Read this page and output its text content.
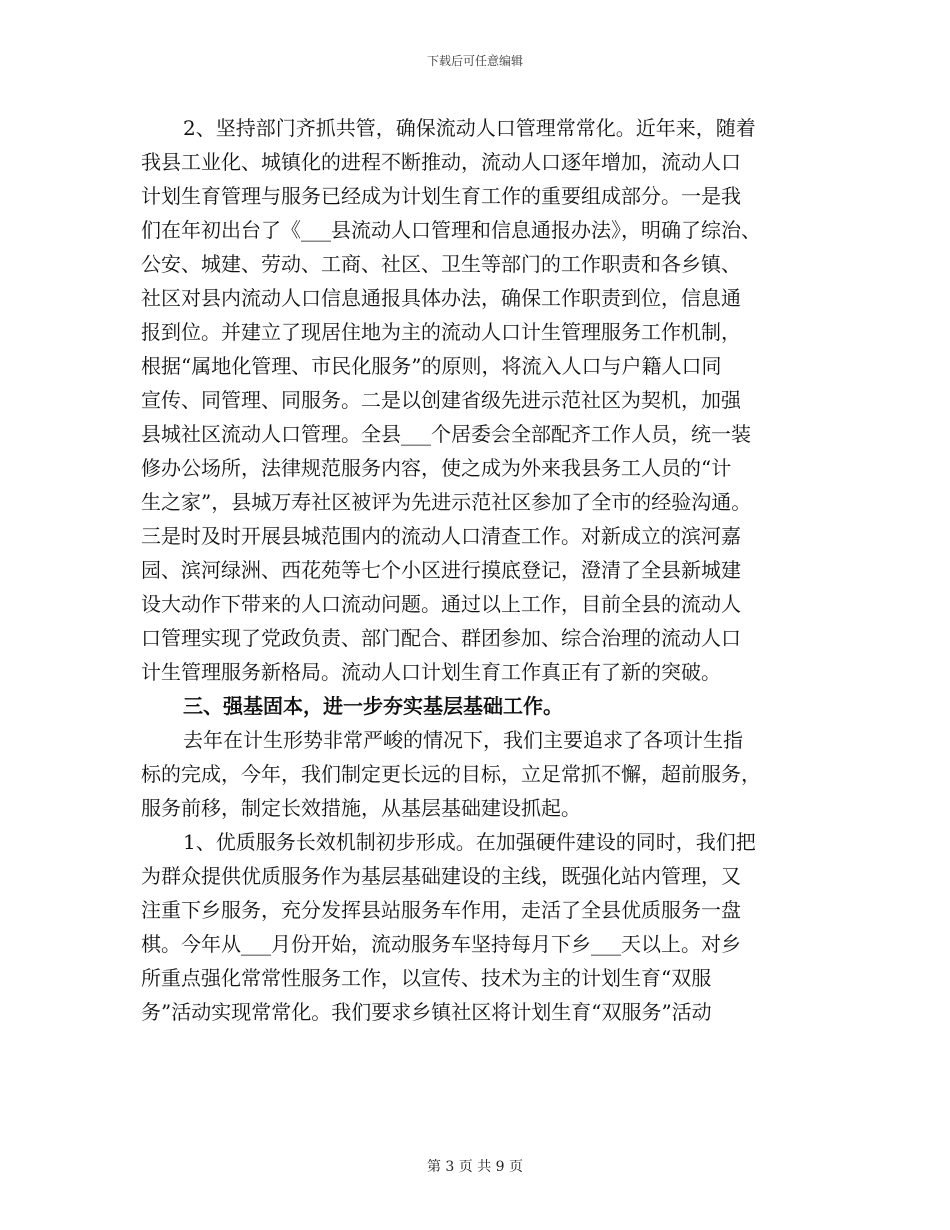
下载后可任意编辑
2、坚持部门齐抓共管，确保流动人口管理常常化。近年来，随着
我县工业化、城镇化的进程不断推动，流动人口逐年增加，流动人口
计划生育管理与服务已经成为计划生育工作的重要组成部分。一是我
们在年初出台了《___县流动人口管理和信息通报办法》，明确了综治、
公安、城建、劳动、工商、社区、卫生等部门的工作职责和各乡镇、
社区对县内流动人口信息通报具体办法，确保工作职责到位，信息通
报到位。并建立了现居住地为主的流动人口计生管理服务工作机制，
根据“属地化管理、市民化服务”的原则，将流入人口与户籍人口同
宣传、同管理、同服务。二是以创建省级先进示范社区为契机，加强
县城社区流动人口管理。全县___个居委会全部配齐工作人员，统一装
修办公场所，法律规范服务内容，使之成为外来我县务工人员的“计
生之家”，县城万寿社区被评为先进示范社区参加了全市的经验沟通。
三是时及时开展县城范围内的流动人口清查工作。对新成立的滨河嘉
园、滨河绿洲、西花苑等七个小区进行摸底登记，澄清了全县新城建
设大动作下带来的人口流动问题。通过以上工作，目前全县的流动人
口管理实现了党政负责、部门配合、群团参加、综合治理的流动人口
计生管理服务新格局。流动人口计划生育工作真正有了新的突破。
三、强基固本，进一步夯实基层基础工作。
去年在计生形势非常严峻的情况下，我们主要追求了各项计生指
标的完成，今年，我们制定更长远的目标，立足常抓不懈，超前服务，
服务前移，制定长效措施，从基层基础建设抓起。
1、优质服务长效机制初步形成。在加强硬件建设的同时，我们把
为群众提供优质服务作为基层基础建设的主线，既强化站内管理，又
注重下乡服务，充分发挥县站服务车作用，走活了全县优质服务一盘
棋。今年从___月份开始，流动服务车坚持每月下乡___天以上。对乡
所重点强化常常性服务工作，以宣传、技术为主的计划生育“双服
务”活动实现常常化。我们要求乡镇社区将计划生育“双服务”活动
第 3 页 共 9 页
